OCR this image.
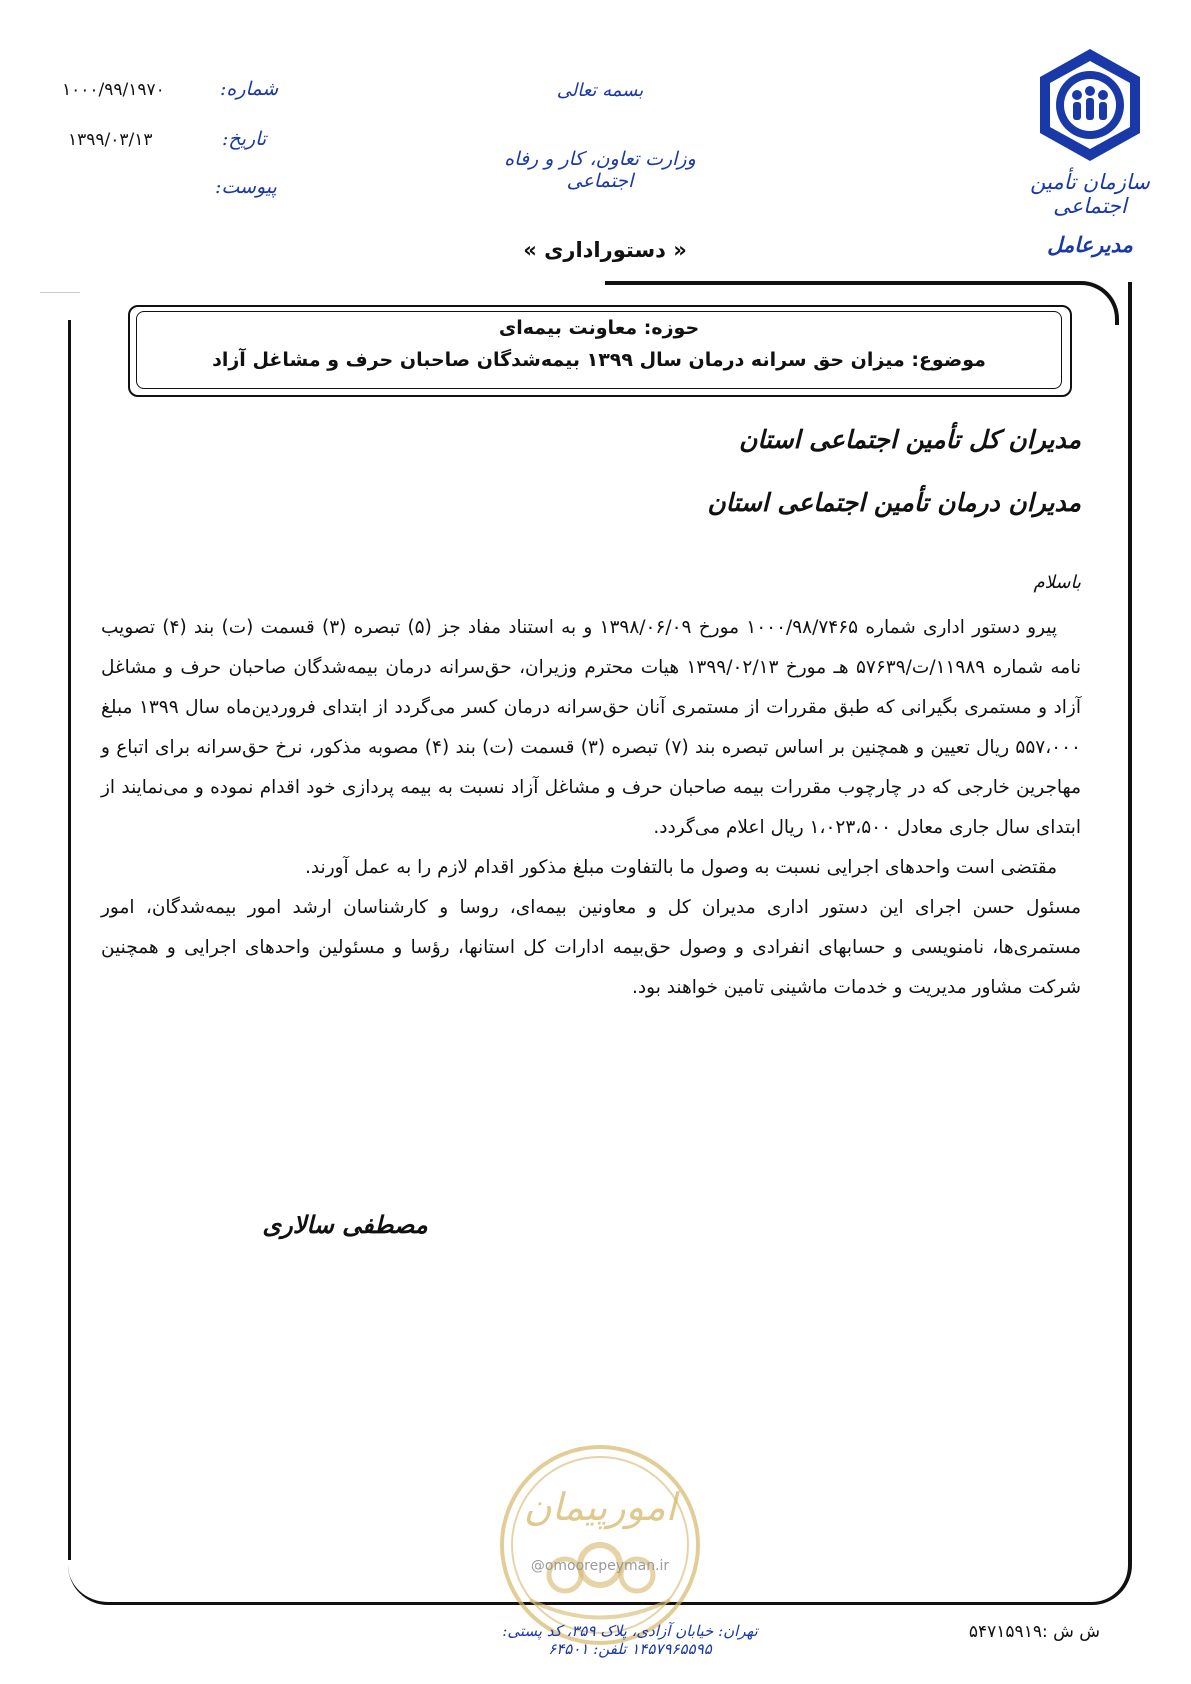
سازمان تأمین اجتماعی
مدیرعامل
بسمه تعالی
وزارت تعاون، کار و رفاه اجتماعی
شماره:
۱۰۰۰/۹۹/۱۹۷۰
تاریخ:
۱۳۹۹/۰۳/۱۳
پیوست:
« دستوراداری »
حوزه: معاونت بیمه‌ای
موضوع: میزان حق سرانه درمان سال ۱۳۹۹ بیمه‌شدگان صاحبان حرف و مشاغل آزاد
مدیران کل تأمین اجتماعی استان
مدیران درمان تأمین اجتماعی استان
باسلام

پیرو دستور اداری شماره ۱۰۰۰/۹۸/۷۴۶۵ مورخ ۱۳۹۸/۰۶/۰۹ و به استناد مفاد جز (۵) تبصره (۳) قسمت (ت) بند (۴) تصویب نامه شماره ۱۱۹۸۹/ت/۵۷۶۳۹ هـ مورخ ۱۳۹۹/۰۲/۱۳ هیات محترم وزیران، حق‌سرانه درمان بیمه‌شدگان صاحبان حرف و مشاغل آزاد و مستمری بگیرانی که طبق مقررات از مستمری آنان حق‌سرانه درمان کسر می‌گردد از ابتدای فروردین‌ماه سال ۱۳۹۹ مبلغ ۵۵۷،۰۰۰ ریال تعیین و همچنین بر اساس تبصره بند (۷) تبصره (۳) قسمت (ت) بند (۴) مصوبه مذکور، نرخ حق‌سرانه برای اتباع و مهاجرین خارجی که در چارچوب مقررات بیمه صاحبان حرف و مشاغل آزاد نسبت به بیمه پردازی خود اقدام نموده و می‌نمایند از ابتدای سال جاری معادل ۱،۰۲۳،۵۰۰ ریال اعلام می‌گردد.

مقتضی است واحدهای اجرایی نسبت به وصول ما بالتفاوت مبلغ مذکور اقدام لازم را به عمل آورند.

مسئول حسن اجرای این دستور اداری مدیران کل و معاونین بیمه‌ای، روسا و کارشناسان ارشد امور بیمه‌شدگان، امور مستمری‌ها، نامنویسی و حسابهای انفرادی و وصول حق‌بیمه ادارات کل استانها، رؤسا و مسئولین واحدهای اجرایی و همچنین شرکت مشاور مدیریت و خدمات ماشینی تامین خواهند بود.

مصطفی سالاری
امورپیمان
@omoorepeyman.ir
تهران: خیابان آزادی، پلاک ۳۵۹، کد پستی: ۱۴۵۷۹۶۵۵۹۵ تلفن: ۶۴۵۰۱
ش ش :۵۴۷۱۵۹۱۹
